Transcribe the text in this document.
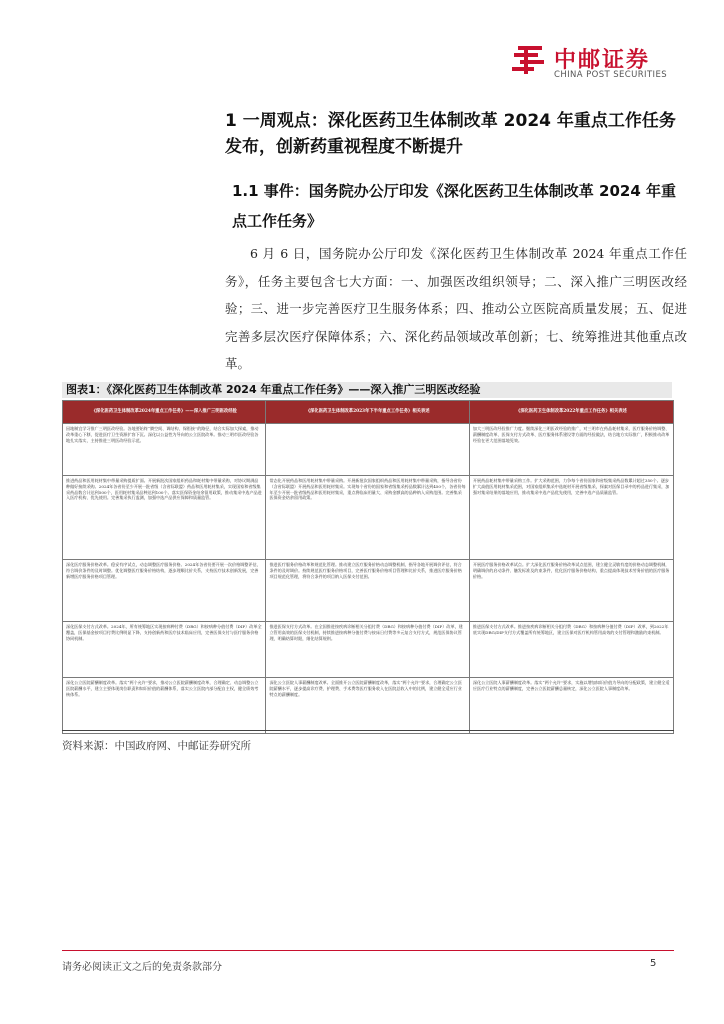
中邮证券
CHINA POST SECURITIES
1 一周观点：深化医药卫生体制改革 2024 年重点工作任务发布，创新药重视程度不断提升
1.1 事件：国务院办公厅印发《深化医药卫生体制改革 2024 年重点工作任务》
6 月 6 日，国务院办公厅印发《深化医药卫生体制改革 2024 年重点工作任务》，任务主要包含七大方面：一、加强医改组织领导；二、深入推广三明医改经验；三、进一步完善医疗卫生服务体系；四、推动公立医院高质量发展；五、促进完善多层次医疗保障体系；六、深化药品领域改革创新；七、统筹推进其他重点改革。
图表1：《深化医药卫生体制改革 2024 年重点工作任务》——深入推广三明医改经验
《深化医药卫生体制改革2024年重点工作任务》——深入推广三明医改经验	《深化医药卫生体制改革2023年下半年重点工作任务》相关表述	《深化医药卫生体制改革2022年重点工作任务》相关表述
因地制宜学习推广三明医改经验。各地要始终“腾空间、调结构、保衔接”的路径，结合实际加大探索，推动改革重心下移，促进医疗卫生资源扩容下沉。深化以公益性为导向的公立医院改革。推动三明市医改经验各地扎实落实，主持推进三明医改经验示范。		加大三明医改经验推广力度。继续深化三明医改经验的推广，对三明市在药品耗材集采、医疗服务价格调整、薪酬制度改革、医保支付方式改革、医疗服务体系建设等方面的经验做法，结合地方实际推广，积极推动改革经验在更大范围落地见效。
推进药品和医用耗材集中带量采购提质扩面。开展新批次国家组织药品和耗材集中带量采购，对协议期满品种做好接续采购。2024年各省份至少开展一批省级（含省际联盟）药品和医用耗材集采，实现国家和省级集采药品数合计达到500个，医用耗材集采品种达到100个。落实医保资金结余留用政策，推动集采中选产品进入医疗机构、优先使用。完善集采执行监测，加强中选产品供应保障和质量监管。	常态化开展药品和医用耗材集中带量采购。开展新批次国家组织药品和医用耗材集中带量采购，指导各省份（含省际联盟）开展药品和医用耗材集采。实现每个省份的国家和省级集采药品数累计达到450个，各省份每年至少开展一批省级药品和医用耗材集采，重点将临床用量大、采购金额高的品种纳入采购范围。完善集采医保资金结余留用政策。	开展药品耗材集中带量采购工作。扩大采购范围，力争每个省份国家和省级集采药品数累计超过350个。逐步扩大高值医用耗材集采范围，对国家组织集采中选耗材开展省级集采，探索对医保目录中的药品进行集采，加强对集采结果的落地应用，推动集采中选产品优先使用，完善中选产品质量监管。
深化医疗服务价格改革。稳妥有序试点，动态调整医疗服务价格。2024年各省份要开展一次价格调整评估，符合调价条件的及时调整。优化调整医疗服务价格结构，逐步理顺比价关系，支持医疗技术创新发展，完善新增医疗服务价格项目管理。	推进医疗服务价格改革和规范化管理。推动建立医疗服务价格动态调整机制，指导各地开展调价评估，符合条件的及时调价。持续规范医疗服务价格项目，完善医疗服务价格项目管理和比价关系，推进医疗服务价格项目规范化管理，将符合条件的项目纳入医保支付范围。	开展医疗服务价格改革试点。扩大深化医疗服务价格改革试点范围，建立健全灵敏有度的价格动态调整机制，明确调价的启动条件、触发标准及约束条件，优化医疗服务价格结构，重点提高体现技术劳务价值的医疗服务价格。
深化医保支付方式改革。2024年，所有统筹地区实现按病种付费（DRG）和按病种分值付费（DIP）改革全覆盖，医保基金按项目付费比例明显下降，支持创新药和医疗技术临床应用，完善医保支付与医疗服务价格协同机制。	推进医保支付方式改革。在全国推进按疾病诊断相关分组付费（DRG）和按病种分值付费（DIP）改革，建立管用高效的医保支付机制，持续推进按病种分值付费与按床日付费等多元复合支付方式，规范医保协议管理，明确结算时限，细化结算规则。	推进医保支付方式改革。推进按疾病诊断相关分组付费（DRG）和按病种分值付费（DIP）改革，到2022年底实现DRG/DIP支付方式覆盖所有统筹地区，建立医保对医疗机构管用高效的支付管理和激励约束机制。
深化公立医院薪酬制度改革。落实“两个允许”要求，推动公立医院薪酬制度改革，合理确定、动态调整公立医院薪酬水平，建立主要体现岗位职责和知识价值的薪酬体系，落实公立医院内部分配自主权，健全绩效考核体系。	深化公立医院人事薪酬制度改革。全面推开公立医院薪酬制度改革，落实“两个允许”要求，合理确定公立医院薪酬水平，逐步提高诊疗费、护理费、手术费等医疗服务收入在医院总收入中的比例，建立健全适应行业特点的薪酬制度。	深化公立医院人事薪酬制度改革。落实“两个允许”要求，实施以增加知识价值为导向的分配政策，建立健全适应医疗行业特点的薪酬制度，完善公立医院薪酬总量核定，深化公立医院人事制度改革。
资料来源：中国政府网、中邮证券研究所
请务必阅读正文之后的免责条款部分	5
